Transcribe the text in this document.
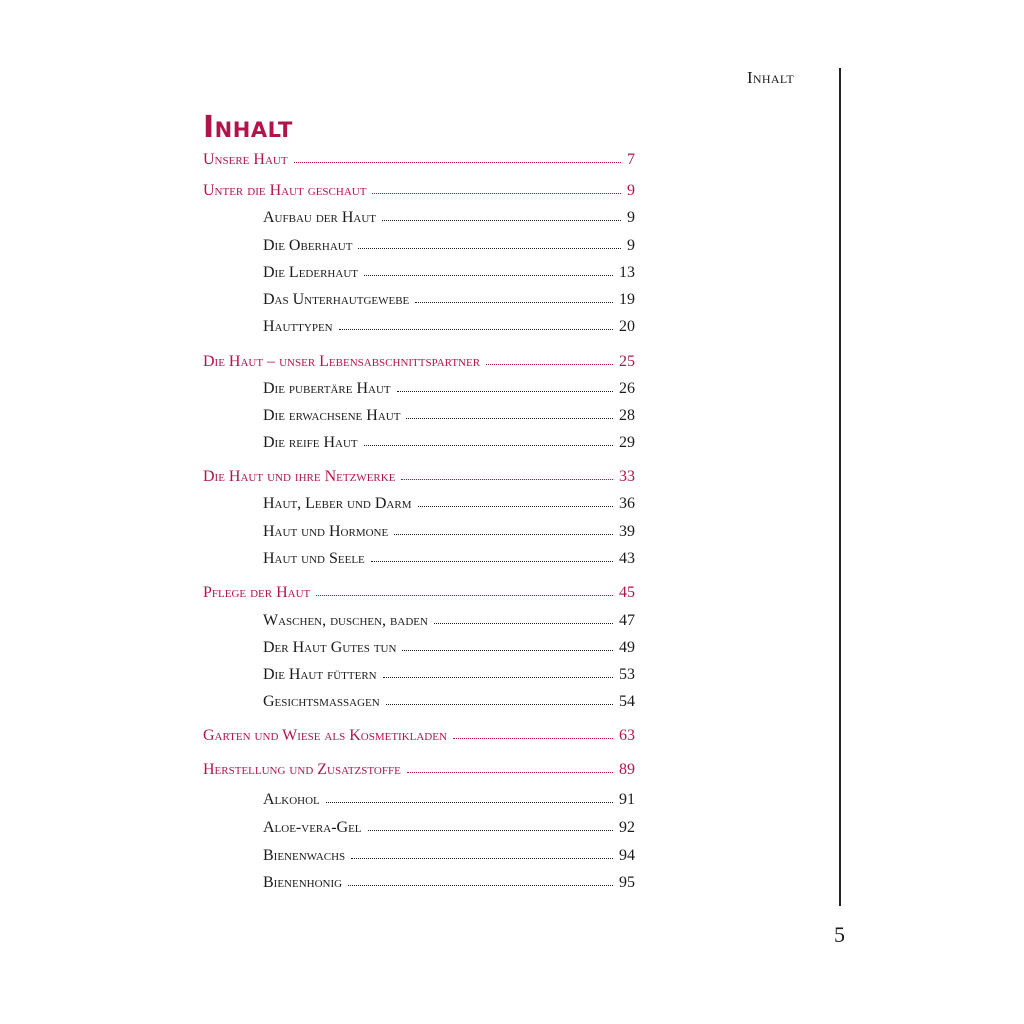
Inhalt
5
Inhalt
Unsere Haut	7
Unter die Haut geschaut	9
Aufbau der Haut	9
Die Oberhaut	9
Die Lederhaut	13
Das Unterhautgewebe	19
Hauttypen	20
Die Haut – unser Lebensabschnittspartner	25
Die pubertäre Haut	26
Die erwachsene Haut	28
Die reife Haut	29
Die Haut und ihre Netzwerke	33
Haut, Leber und Darm	36
Haut und Hormone	39
Haut und Seele	43
Pflege der Haut	45
Waschen, duschen, baden	47
Der Haut Gutes tun	49
Die Haut füttern	53
Gesichtsmassagen	54
Garten und Wiese als Kosmetikladen	63
Herstellung und Zusatzstoffe	89
Alkohol	91
Aloe-vera-Gel	92
Bienenwachs	94
Bienenhonig	95
